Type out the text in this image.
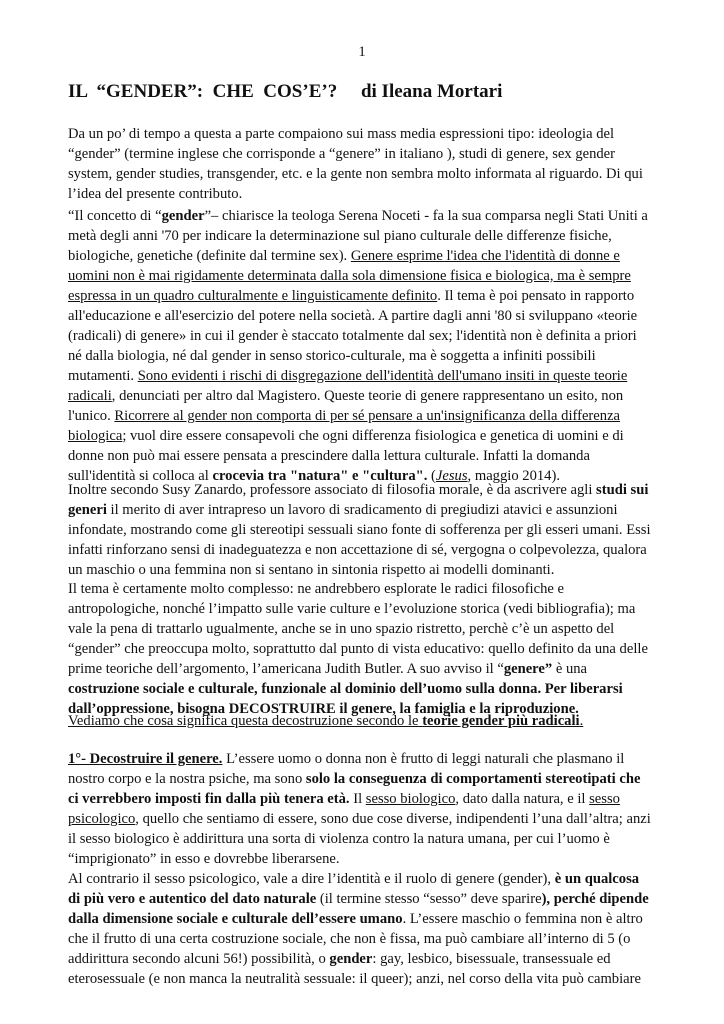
1
IL  “GENDER”:  CHE  COS’E’?     di Ileana Mortari
Da un po’ di tempo a questa a parte compaiono sui mass media espressioni tipo: ideologia del
“gender” (termine inglese che corrisponde a “genere” in italiano ), studi di genere, sex gender
system, gender studies, transgender, etc. e la gente non sembra molto informata al riguardo. Di qui
l’idea del presente contributo.
“Il concetto di “gender”– chiarisce la teologa Serena Noceti - fa la sua comparsa negli Stati Uniti a
metà degli anni '70 per indicare la determinazione sul piano culturale delle differenze fisiche,
biologiche, genetiche (definite dal termine sex). Genere esprime l'idea che l'identità di donne e
uomini non è mai rigidamente determinata dalla sola dimensione fisica e biologica, ma è sempre
espressa in un quadro culturalmente e linguisticamente definito. Il tema è poi pensato in rapporto
all'educazione e all'esercizio del potere nella società. A partire dagli anni '80 si sviluppano «teorie
(radicali) di genere» in cui il gender è staccato totalmente dal sex; l'identità non è definita a priori
né dalla biologia, né dal gender in senso storico-culturale, ma è soggetta a infiniti possibili
mutamenti. Sono evidenti i rischi di disgregazione dell'identità dell'umano insiti in queste teorie
radicali, denunciati per altro dal Magistero. Queste teorie di genere rappresentano un esito, non
l'unico. Ricorrere al gender non comporta di per sé pensare a un'insignificanza della differenza
biologica; vuol dire essere consapevoli che ogni differenza fisiologica e genetica di uomini e di
donne non può mai essere pensata a prescindere dalla lettura culturale. Infatti la domanda
sull'identità si colloca al crocevia tra "natura" e "cultura". (Jesus, maggio 2014).
Inoltre secondo Susy Zanardo, professore associato di filosofia morale, è da ascrivere agli studi sui
generi il merito di aver intrapreso un lavoro di sradicamento di pregiudizi atavici e assunzioni
infondate, mostrando come gli stereotipi sessuali siano fonte di sofferenza per gli esseri umani. Essi
infatti rinforzano sensi di inadeguatezza e non accettazione di sé, vergogna o colpevolezza, qualora
un maschio o una femmina non si sentano in sintonia rispetto ai modelli dominanti.
Il tema è certamente molto complesso: ne andrebbero esplorate le radici filosofiche e
antropologiche, nonché l’impatto sulle varie culture e l’evoluzione storica (vedi bibliografia); ma
vale la pena di trattarlo ugualmente, anche se in uno spazio ristretto, perchè c’è un aspetto del
“gender” che preoccupa molto, soprattutto dal punto di vista educativo: quello definito da una delle
prime teoriche dell’argomento, l’americana Judith Butler. A suo avviso il “genere” è una
costruzione sociale e culturale, funzionale al dominio dell’uomo sulla donna. Per liberarsi
dall’oppressione, bisogna DECOSTRUIRE il genere, la famiglia e la riproduzione.
Vediamo che cosa significa questa decostruzione secondo le teorie gender più radicali.
1°- Decostruire il genere. L’essere uomo o donna non è frutto di leggi naturali che plasmano il
nostro corpo e la nostra psiche, ma sono solo la conseguenza di comportamenti stereotipati che
ci verrebbero imposti fin dalla più tenera età. Il sesso biologico, dato dalla natura, e il sesso
psicologico, quello che sentiamo di essere, sono due cose diverse, indipendenti l’una dall’altra; anzi
il sesso biologico è addirittura una sorta di violenza contro la natura umana, per cui l’uomo è
“imprigionato” in esso e dovrebbe liberarsene.
Al contrario il sesso psicologico, vale a dire l’identità e il ruolo di genere (gender), è un qualcosa
di più vero e autentico del dato naturale (il termine stesso “sesso” deve sparire), perché dipende
dalla dimensione sociale e culturale dell’essere umano. L’essere maschio o femmina non è altro
che il frutto di una certa costruzione sociale, che non è fissa, ma può cambiare all’interno di 5 (o
addirittura secondo alcuni 56!) possibilità, o gender: gay, lesbico, bisessuale, transessuale ed
eterosessuale (e non manca la neutralità sessuale: il queer); anzi, nel corso della vita può cambiare
